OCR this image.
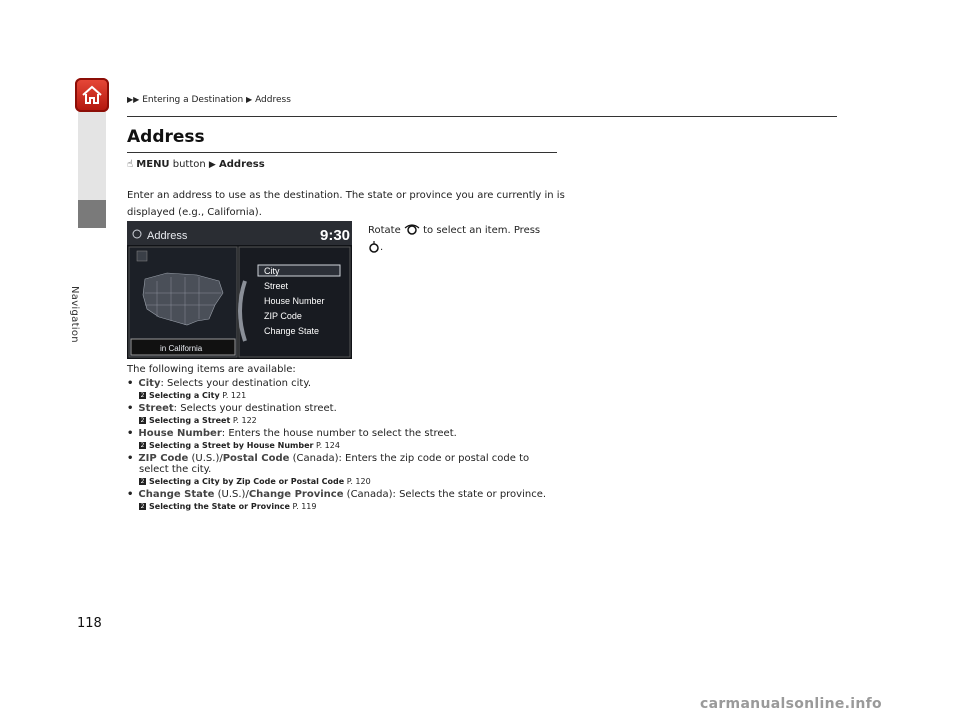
Navigation
▶▶ Entering a Destination ▶ Address
Address
☝ MENU button ▶ Address
Enter an address to use as the destination. The state or province you are currently in is displayed (e.g., California).
Address	9:30
in California
City
Street
House Number
ZIP Code
Change State
Rotate to select an item. Press
.
The following items are available:
• City: Selects your destination city.
2 Selecting a City P. 121
• Street: Selects your destination street.
2 Selecting a Street P. 122
• House Number: Enters the house number to select the street.
2 Selecting a Street by House Number P. 124
• ZIP Code (U.S.)/Postal Code (Canada): Enters the zip code or postal code to
select the city.
2 Selecting a City by Zip Code or Postal Code P. 120
• Change State (U.S.)/Change Province (Canada): Selects the state or province.
2 Selecting the State or Province P. 119
118
carmanualsonline.info
